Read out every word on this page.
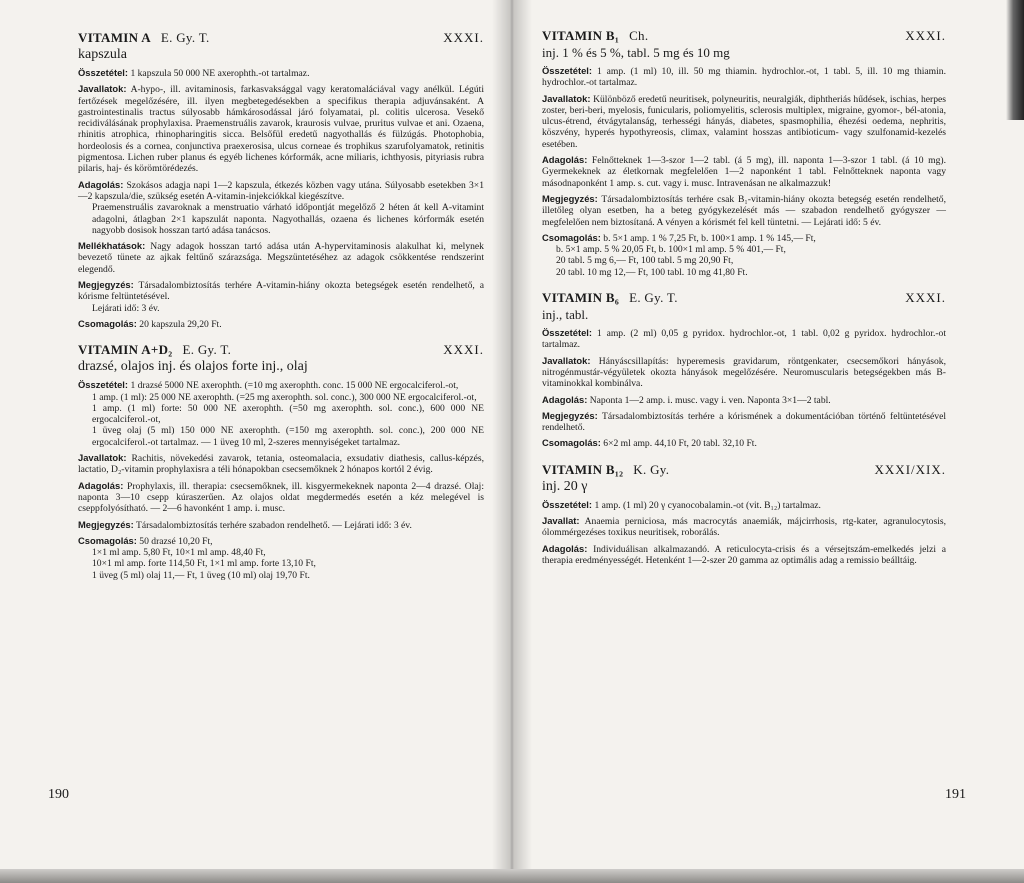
VITAMIN A E. Gy. T.	XXXI.
kapszula
Összetétel: 1 kapszula 50 000 NE axerophth.-ot tartalmaz.
Javallatok: A-hypo-, ill. avitaminosis, farkasvaksággal vagy keratomaláciával vagy anélkül. Légúti fertőzések megelőzésére, ill. ilyen megbetegedésekben a specifikus therapia adjuvánsaként. A gastrointestinalis tractus súlyosabb hámkárosodással járó folyamatai, pl. colitis ulcerosa. Vesekő recidiválásának prophylaxisa. Praemenstruális zavarok, kraurosis vulvae, pruritus vulvae et ani. Ozaena, rhinitis atrophica, rhinopharingitis sicca. Belsőfül eredetű nagyothallás és fülzúgás. Photophobia, hordeolosis és a cornea, conjunctiva praexerosisa, ulcus corneae és trophikus szarufolyamatok, retinitis pigmentosa. Lichen ruber planus és egyéb lichenes kórformák, acne miliaris, ichthyosis, pityriasis rubra pilaris, haj- és körömtörédezés.
Adagolás: Szokásos adagja napi 1—2 kapszula, étkezés közben vagy utána. Súlyosabb esetekben 3×1—2 kapszula/die, szükség esetén A-vitamin-injekciókkal kiegészítve.
Praemenstruális zavaroknak a menstruatio várható időpontját megelőző 2 héten át kell A-vitamint adagolni, átlagban 2×1 kapszulát naponta. Nagyothallás, ozaena és lichenes kórformák esetén nagyobb dosisok hosszan tartó adása tanácsos.
Mellékhatások: Nagy adagok hosszan tartó adása után A-hypervitaminosis alakulhat ki, melynek bevezető tünete az ajkak feltűnő szárazsága. Megszüntetéséhez az adagok csökkentése rendszerint elegendő.
Megjegyzés: Társadalombiztosítás terhére A-vitamin-hiány okozta betegségek esetén rendelhető, a kórisme feltüntetésével.
Lejárati idő: 3 év.
Csomagolás: 20 kapszula 29,20 Ft.
VITAMIN A+D₂ E. Gy. T.	XXXI.
drazsé, olajos inj. és olajos forte inj., olaj
Összetétel: 1 drazsé 5000 NE axerophth. (=10 mg axerophth. conc. 15 000 NE ergocalciferol.-ot,
1 amp. (1 ml): 25 000 NE axerophth. (=25 mg axerophth. sol. conc.), 300 000 NE ergocalciferol.-ot,
1 amp. (1 ml) forte: 50 000 NE axerophth. (=50 mg axerophth. sol. conc.), 600 000 NE ergocalciferol.-ot,
1 üveg olaj (5 ml) 150 000 NE axerophth. (=150 mg axerophth. sol. conc.), 200 000 NE ergocalciferol.-ot tartalmaz. — 1 üveg 10 ml, 2-szeres mennyiségeket tartalmaz.
Javallatok: Rachitis, növekedési zavarok, tetania, osteomalacia, exsudativ diathesis, callus-képzés, lactatio, D₂-vitamin prophylaxisra a téli hónapokban csecsemőknek 2 hónapos kortól 2 évig.
Adagolás: Prophylaxis, ill. therapia: csecsemőknek, ill. kisgyermekeknek naponta 2—4 drazsé. Olaj: naponta 3—10 csepp kúraszerűen. Az olajos oldat megdermedés esetén a kéz melegével is cseppfolyósítható. — 2—6 havonként 1 amp. i. musc.
Megjegyzés: Társadalombiztosítás terhére szabadon rendelhető. — Lejárati idő: 3 év.
Csomagolás: 50 drazsé 10,20 Ft,
1×1 ml amp. 5,80 Ft, 10×1 ml amp. 48,40 Ft,
10×1 ml amp. forte 114,50 Ft, 1×1 ml amp. forte 13,10 Ft,
1 üveg (5 ml) olaj 11,— Ft, 1 üveg (10 ml) olaj 19,70 Ft.
190
VITAMIN B₁ Ch.	XXXI.
inj. 1 % és 5 %, tabl. 5 mg és 10 mg
Összetétel: 1 amp. (1 ml) 10, ill. 50 mg thiamin. hydrochlor.-ot, 1 tabl. 5, ill. 10 mg thiamin. hydrochlor.-ot tartalmaz.
Javallatok: Különböző eredetű neuritisek, polyneuritis, neuralgiák, diphtheriás hűdések, ischias, herpes zoster, beri-beri, myelosis, funicularis, poliomyelitis, sclerosis multiplex, migraine, gyomor-, bél-atonia, ulcus-étrend, étvágytalanság, terhességi hányás, diabetes, spasmophilia, éhezési oedema, nephritis, köszvény, hyperés hypothyreosis, climax, valamint hosszas antibioticum- vagy szulfonamid-kezelés esetében.
Adagolás: Felnőtteknek 1—3-szor 1—2 tabl. (á 5 mg), ill. naponta 1—3-szor 1 tabl. (á 10 mg). Gyermekeknek az életkornak megfelelően 1—2 naponként 1 tabl. Felnőtteknek naponta vagy másodnaponként 1 amp. s. cut. vagy i. musc. Intravenásan ne alkalmazzuk!
Megjegyzés: Társadalombiztosítás terhére csak B₁-vitamin-hiány okozta betegség esetén rendelhető, illetőleg olyan esetben, ha a beteg gyógykezelését más — szabadon rendelhető gyógyszer — megfelelően nem biztosítaná. A vényen a kórismét fel kell tüntetni. — Lejárati idő: 5 év.
Csomagolás: b. 5×1 amp. 1 % 7,25 Ft, b. 100×1 amp. 1 % 145,— Ft,
b. 5×1 amp. 5 % 20,05 Ft, b. 100×1 ml amp. 5 % 401,— Ft,
20 tabl. 5 mg 6,— Ft, 100 tabl. 5 mg 20,90 Ft,
20 tabl. 10 mg 12,— Ft, 100 tabl. 10 mg 41,80 Ft.
VITAMIN B₆ E. Gy. T.	XXXI.
inj., tabl.
Összetétel: 1 amp. (2 ml) 0,05 g pyridox. hydrochlor.-ot, 1 tabl. 0,02 g pyridox. hydrochlor.-ot tartalmaz.
Javallatok: Hányáscsillapítás: hyperemesis gravidarum, röntgenkater, csecsemőkori hányások, nitrogénmustár-végyületek okozta hányások megelőzésére. Neuromuscularis betegségekben más B-vitaminokkal kombinálva.
Adagolás: Naponta 1—2 amp. i. musc. vagy i. ven. Naponta 3×1—2 tabl.
Megjegyzés: Társadalombiztosítás terhére a kórismének a dokumentációban történő feltüntetésével rendelhető.
Csomagolás: 6×2 ml amp. 44,10 Ft, 20 tabl. 32,10 Ft.
VITAMIN B₁₂ K. Gy.	XXXI/XIX.
inj. 20 γ
Összetétel: 1 amp. (1 ml) 20 γ cyanocobalamin.-ot (vit. B₁₂) tartalmaz.
Javallat: Anaemia perniciosa, más macrocytás anaemiák, májcirrhosis, rtg-kater, agranulocytosis, ólommérgezéses toxikus neuritisek, roborálás.
Adagolás: Individuálisan alkalmazandó. A reticulocyta-crisis és a vérsejtszám-emelkedés jelzi a therapia eredményességét. Hetenként 1—2-szer 20 gamma az optimális adag a remissio beálltáig.
191
